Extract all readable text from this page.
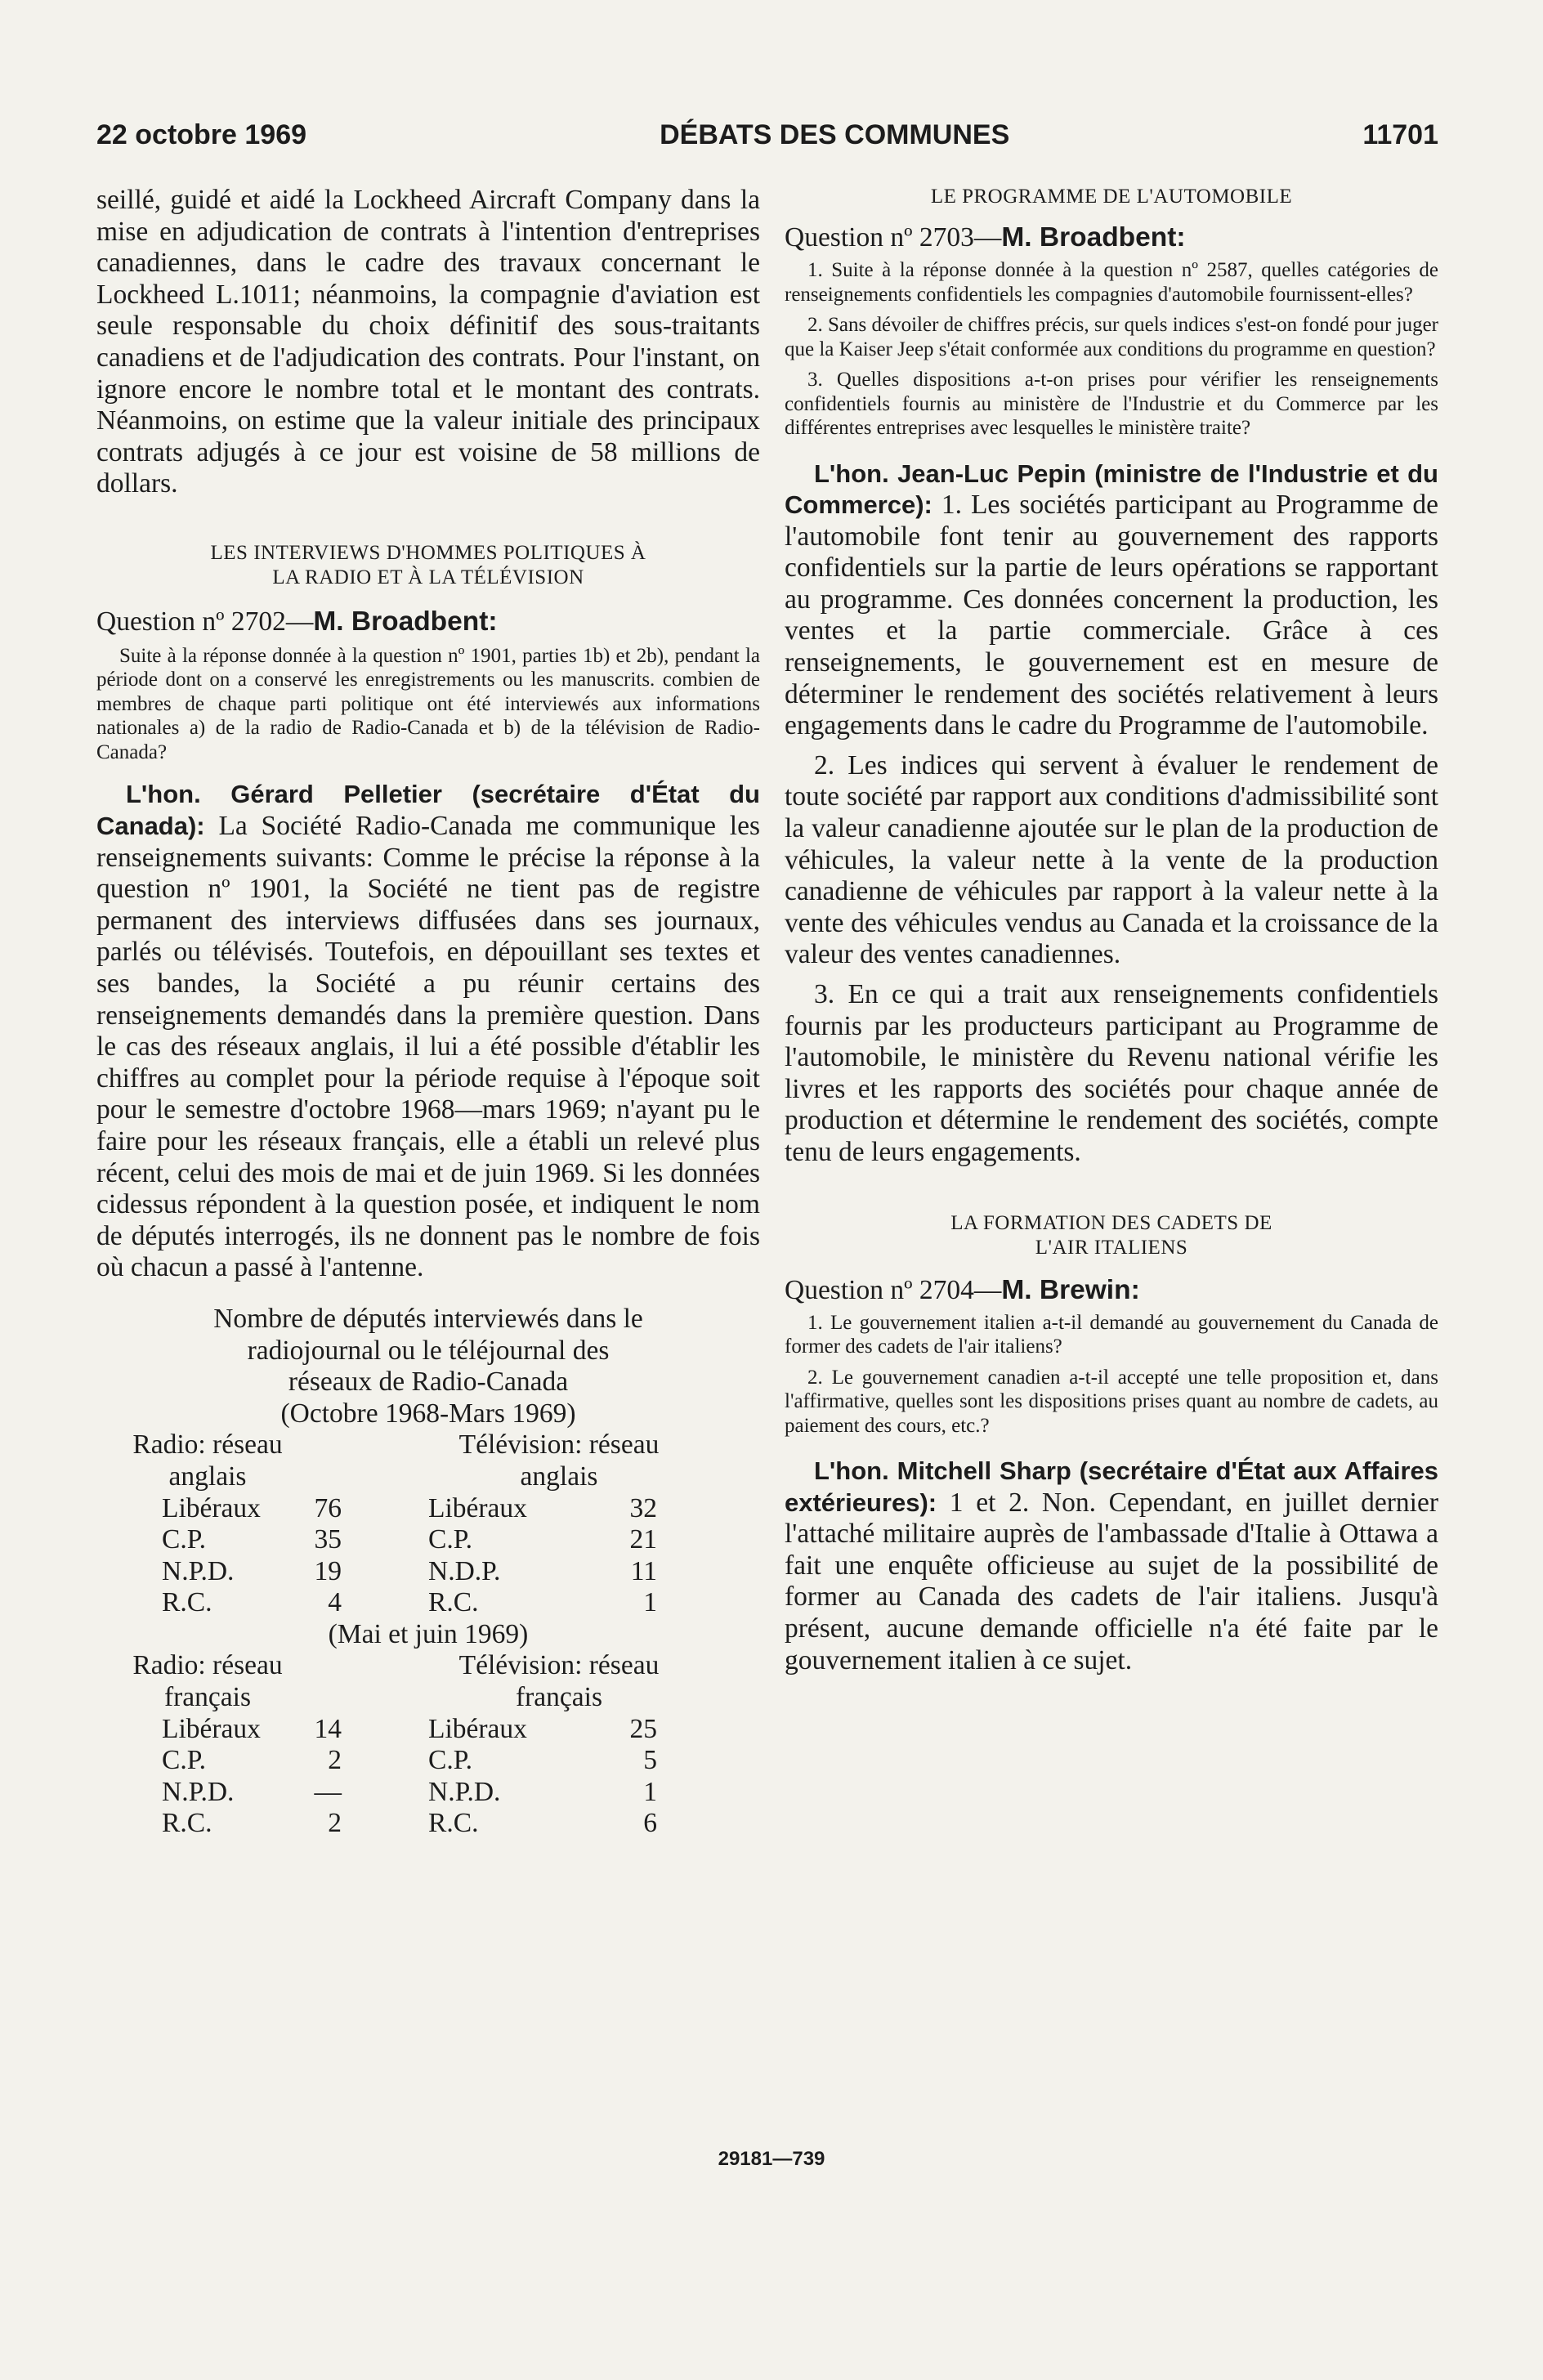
22 octobre 1969	DÉBATS DES COMMUNES	11701

seillé, guidé et aidé la Lockheed Aircraft Company dans la mise en adjudication de contrats à l'intention d'entreprises canadiennes, dans le cadre des travaux concernant le Lockheed L.1011; néanmoins, la compagnie d'aviation est seule responsable du choix définitif des sous-traitants canadiens et de l'adjudication des contrats. Pour l'instant, on ignore encore le nombre total et le montant des contrats. Néanmoins, on estime que la valeur initiale des principaux contrats adjugés à ce jour est voisine de 58 millions de dollars.

LES INTERVIEWS D'HOMMES POLITIQUES À

LA RADIO ET À LA TÉLÉVISION

Question nº 2702—M. Broadbent:

Suite à la réponse donnée à la question nº 1901, parties 1b) et 2b), pendant la période dont on a conservé les enregistrements ou les manuscrits. combien de membres de chaque parti politique ont été interviewés aux informations nationales a) de la radio de Radio-Canada et b) de la télévision de Radio-Canada?

L'hon. Gérard Pelletier (secrétaire d'État du Canada): La Société Radio-Canada me communique les renseignements suivants: Comme le précise la réponse à la question nº 1901, la Société ne tient pas de registre permanent des interviews diffusées dans ses journaux, parlés ou télévisés. Toutefois, en dépouillant ses textes et ses bandes, la Société a pu réunir certains des renseignements demandés dans la première question. Dans le cas des réseaux anglais, il lui a été possible d'établir les chiffres au complet pour la période requise à l'époque soit pour le semestre d'octobre 1968—mars 1969; n'ayant pu le faire pour les réseaux français, elle a établi un relevé plus récent, celui des mois de mai et de juin 1969. Si les données cidessus répondent à la question posée, et indiquent le nom de députés interrogés, ils ne donnent pas le nombre de fois où chacun a passé à l'antenne.

Nombre de députés interviewés dans le

radiojournal ou le téléjournal des

réseaux de Radio-Canada

(Octobre 1968-Mars 1969)

Radio: réseau
anglais
Libéraux	76
C.P.	35
N.P.D.	19
R.C.	4
Télévision: réseau
anglais
Libéraux	32
C.P.	21
N.D.P.	11
R.C.	1

(Mai et juin 1969)

Radio: réseau
français
Libéraux	14
C.P.	2
N.P.D.	—
R.C.	2
Télévision: réseau
français
Libéraux	25
C.P.	5
N.P.D.	1
R.C.	6

LE PROGRAMME DE L'AUTOMOBILE

Question nº 2703—M. Broadbent:

1. Suite à la réponse donnée à la question nº 2587, quelles catégories de renseignements confidentiels les compagnies d'automobile fournissent-elles?

2. Sans dévoiler de chiffres précis, sur quels indices s'est-on fondé pour juger que la Kaiser Jeep s'était conformée aux conditions du programme en question?

3. Quelles dispositions a-t-on prises pour vérifier les renseignements confidentiels fournis au ministère de l'Industrie et du Commerce par les différentes entreprises avec lesquelles le ministère traite?

L'hon. Jean-Luc Pepin (ministre de l'Industrie et du Commerce): 1. Les sociétés participant au Programme de l'automobile font tenir au gouvernement des rapports confidentiels sur la partie de leurs opérations se rapportant au programme. Ces données concernent la production, les ventes et la partie commerciale. Grâce à ces renseignements, le gouvernement est en mesure de déterminer le rendement des sociétés relativement à leurs engagements dans le cadre du Programme de l'automobile.

2. Les indices qui servent à évaluer le rendement de toute société par rapport aux conditions d'admissibilité sont la valeur canadienne ajoutée sur le plan de la production de véhicules, la valeur nette à la vente de la production canadienne de véhicules par rapport à la valeur nette à la vente des véhicules vendus au Canada et la croissance de la valeur des ventes canadiennes.

3. En ce qui a trait aux renseignements confidentiels fournis par les producteurs participant au Programme de l'automobile, le ministère du Revenu national vérifie les livres et les rapports des sociétés pour chaque année de production et détermine le rendement des sociétés, compte tenu de leurs engagements.

LA FORMATION DES CADETS DE

L'AIR ITALIENS

Question nº 2704—M. Brewin:

1. Le gouvernement italien a-t-il demandé au gouvernement du Canada de former des cadets de l'air italiens?

2. Le gouvernement canadien a-t-il accepté une telle proposition et, dans l'affirmative, quelles sont les dispositions prises quant au nombre de cadets, au paiement des cours, etc.?

L'hon. Mitchell Sharp (secrétaire d'État aux Affaires extérieures): 1 et 2. Non. Cependant, en juillet dernier l'attaché militaire auprès de l'ambassade d'Italie à Ottawa a fait une enquête officieuse au sujet de la possibilité de former au Canada des cadets de l'air italiens. Jusqu'à présent, aucune demande officielle n'a été faite par le gouvernement italien à ce sujet.

29181—739
